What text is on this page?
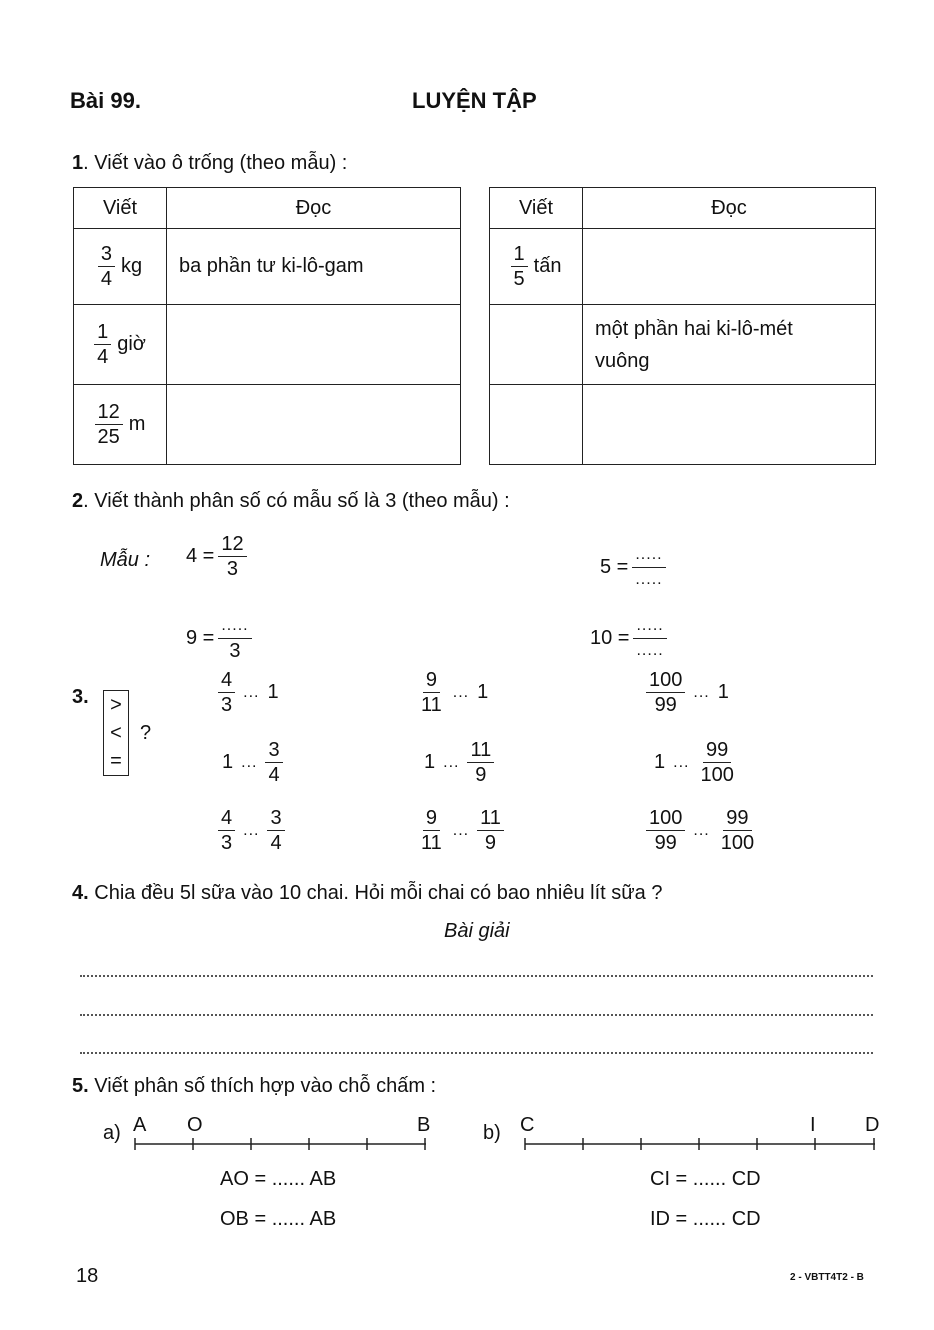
Bài 99.	LUYỆN TẬP
1. Viết vào ô trống (theo mẫu) :
Viết	Đọc

$\frac{3}{4}$ kg	ba phần tư ki-lô-gam

$\frac{1}{4}$ giờ	

$\frac{12}{25}$ m	

Viết	Đọc

$\frac{1}{5}$ tấn	

	một phần hai ki-lô-mét
vuông

2. Viết thành phân số có mẫu số là 3 (theo mẫu) :
Mẫu : $4 = \frac{12}{3}$
$9 = \frac{.....}{3}$
$5 = \frac{.....}{.....}$
$10 = \frac{.....}{.....}$
3.	>
<
=
?
$\frac{4}{3}$ ... 1
1 ... $\frac{3}{4}$
$\frac{4}{3}$ ... $\frac{3}{4}$
$\frac{9}{11}$ ... 1
1 ... $\frac{11}{9}$
$\frac{9}{11}$ ... $\frac{11}{9}$
$\frac{100}{99}$ ... 1
1 ... $\frac{99}{100}$
$\frac{100}{99}$ ... $\frac{99}{100}$
4. Chia đều 5l sữa vào 10 chai. Hỏi mỗi chai có bao nhiêu lít sữa ?
Bài giải
5. Viết phân số thích hợp vào chỗ chấm :
a) A O	B
AO = ...... AB
OB = ...... AB
b) C	I D
CI = ...... CD
ID = ...... CD
18	2 - VBTT4T2 - B
